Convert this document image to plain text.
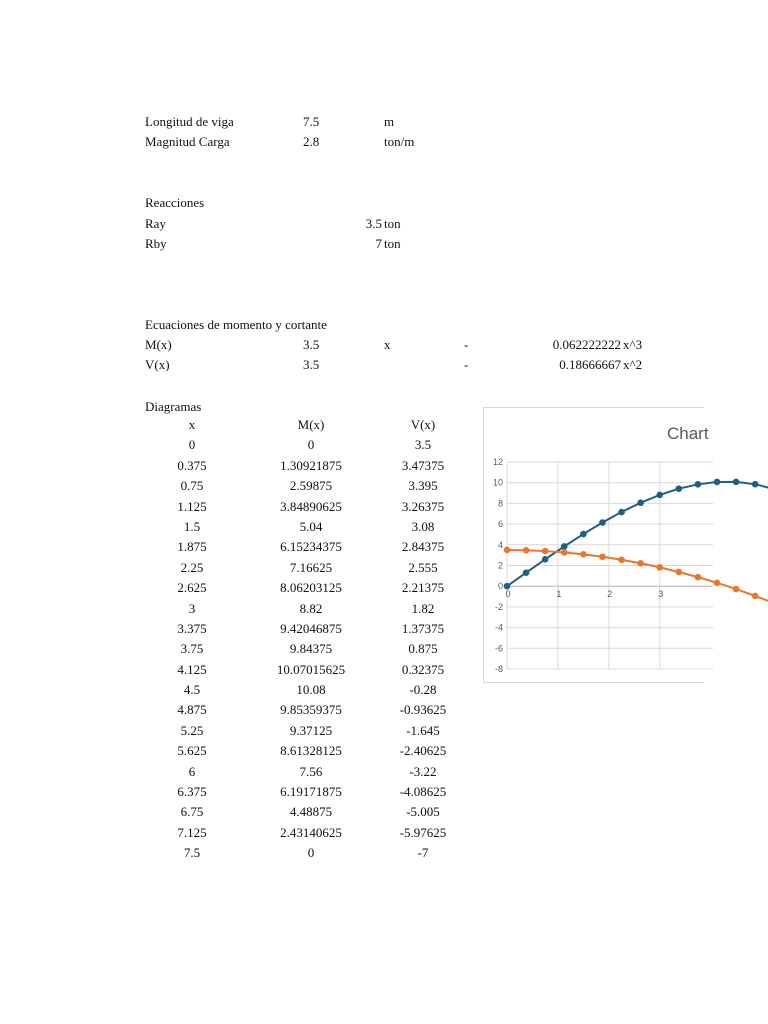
Longitud de viga	7.5	m
Magnitud Carga	2.8	ton/m
Reacciones
Ray	3.5 ton
Rby	7 ton
Ecuaciones de momento y cortante
M(x)	3.5	x	-	0.062222222 x^3
V(x)	3.5	-	0.18666667 x^2
Diagramas
x	M(x)	V(x)
0	0	3.5
0.375	1.30921875	3.47375
0.75	2.59875	3.395
1.125	3.84890625	3.26375
1.5	5.04	3.08
1.875	6.15234375	2.84375
2.25	7.16625	2.555
2.625	8.06203125	2.21375
3	8.82	1.82
3.375	9.42046875	1.37375
3.75	9.84375	0.875
4.125	10.07015625	0.32375
4.5	10.08	-0.28
4.875	9.85359375	-0.93625
5.25	9.37125	-1.645
5.625	8.61328125	-2.40625
6	7.56	-3.22
6.375	6.19171875	-4.08625
6.75	4.48875	-5.005
7.125	2.43140625	-5.97625
7.5	0	-7
Chart
12
10
8
6
4
2
0
-2
-4
-6
-8
0	1	2	3
